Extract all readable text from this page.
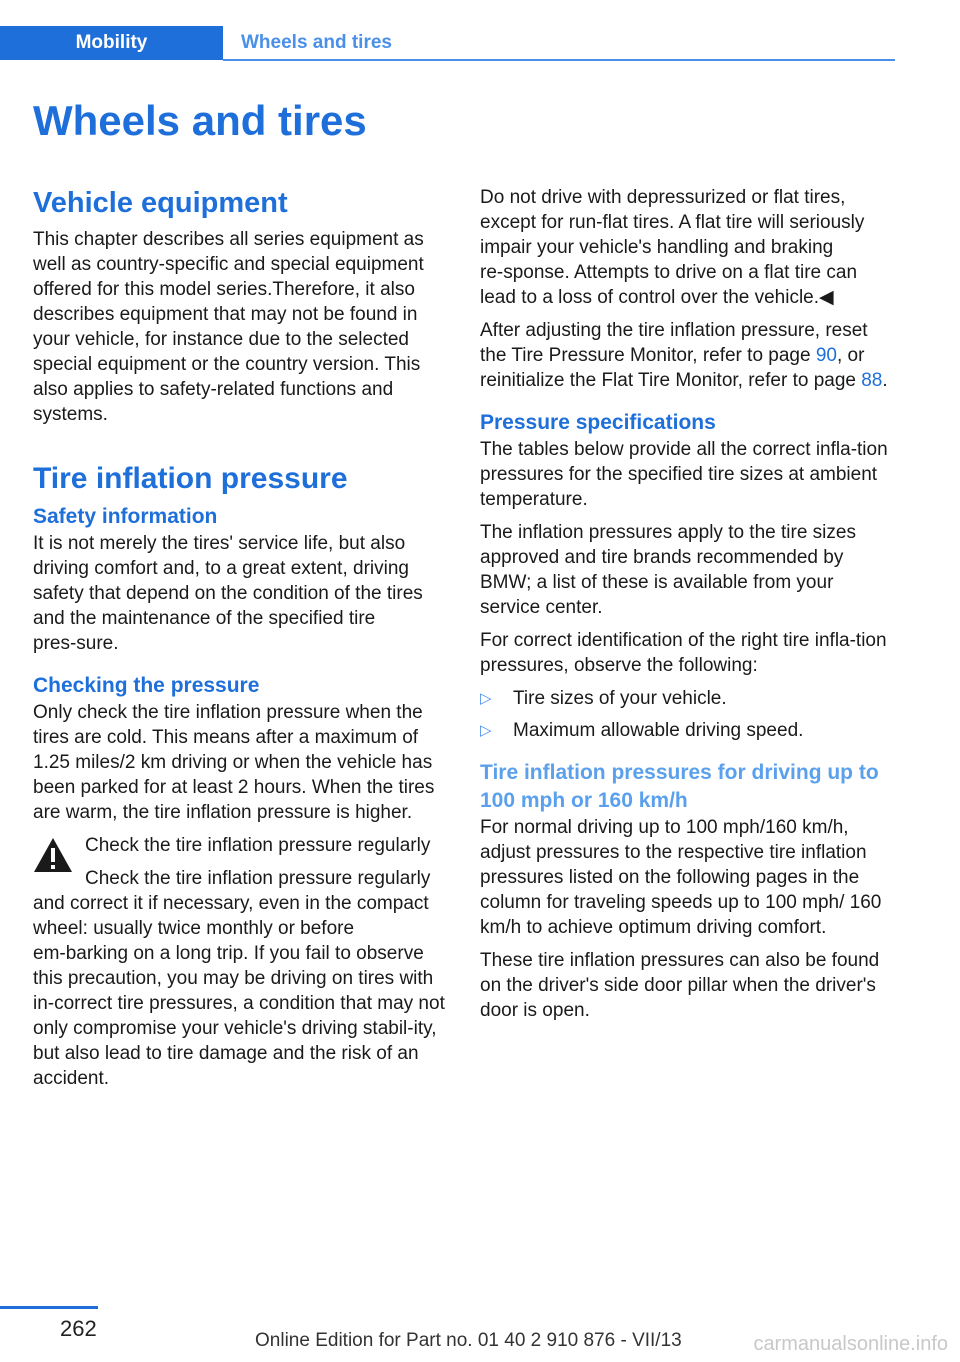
Mobility	Wheels and tires
Wheels and tires
Vehicle equipment

This chapter describes all series equipment as well as country-specific and special equipment offered for this model series.Therefore, it also describes equipment that may not be found in your vehicle, for instance due to the selected special equipment or the country version. This also applies to safety-related functions and systems.

Tire inflation pressure
Safety information

It is not merely the tires' service life, but also driving comfort and, to a great extent, driving safety that depend on the condition of the tires and the maintenance of the specified tire pres‑sure.

Checking the pressure

Only check the tire inflation pressure when the tires are cold. This means after a maximum of 1.25 miles/2 km driving or when the vehicle has been parked for at least 2 hours. When the tires are warm, the tire inflation pressure is higher.

Check the tire inflation pressure regularly

Check the tire inflation pressure regularly
and correct it if necessary, even in the compact wheel: usually twice monthly or before em‑barking on a long trip. If you fail to observe this precaution, you may be driving on tires with in‑correct tire pressures, a condition that may not only compromise your vehicle's driving stabil‑ity, but also lead to tire damage and the risk of an accident.

Do not drive with depressurized or flat tires, except for run-flat tires. A flat tire will seriously impair your vehicle's handling and braking re‑sponse. Attempts to drive on a flat tire can lead to a loss of control over the vehicle.◀

After adjusting the tire inflation pressure, reset the Tire Pressure Monitor, refer to page 90, or reinitialize the Flat Tire Monitor, refer to page 88.

Pressure specifications

The tables below provide all the correct infla‑tion pressures for the specified tire sizes at ambient temperature.

The inflation pressures apply to the tire sizes approved and tire brands recommended by BMW; a list of these is available from your service center.

For correct identification of the right tire infla‑tion pressures, observe the following:

▷ Tire sizes of your vehicle.
▷ Maximum allowable driving speed.
Tire inflation pressures for driving up to 100 mph or 160 km/h

For normal driving up to 100 mph/160 km/h, adjust pressures to the respective tire inflation pressures listed on the following pages in the column for traveling speeds up to 100 mph/ 160 km/h to achieve optimum driving comfort.

These tire inflation pressures can also be found on the driver's side door pillar when the driver's door is open.

262	Online Edition for Part no. 01 40 2 910 876 - VII/13	carmanualsonline.info
